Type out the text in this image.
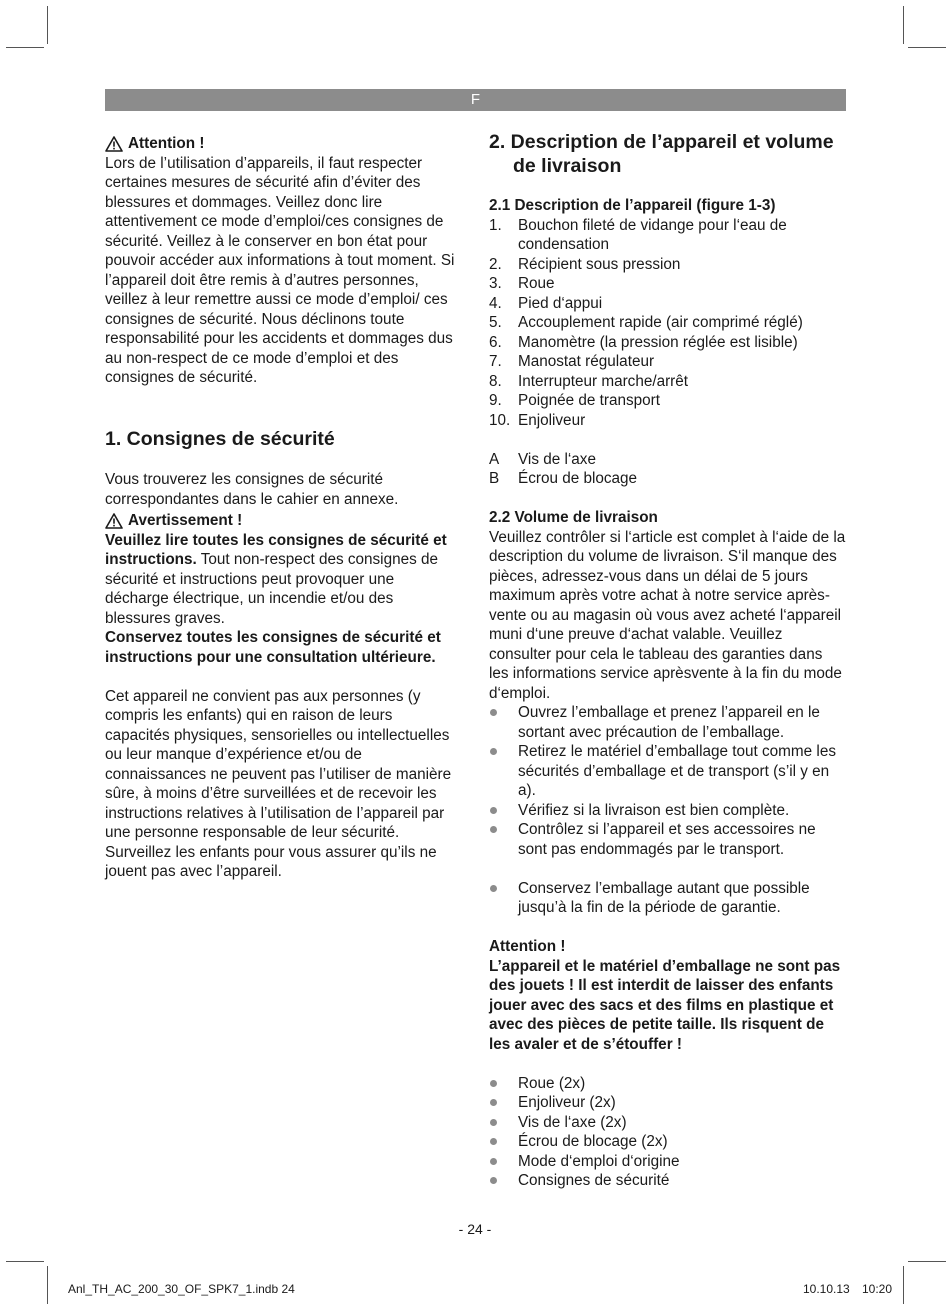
F
Attention !

Lors de l’utilisation d’appareils, il faut respecter certaines mesures de sécurité afin d’éviter des blessures et dommages. Veillez donc lire attentivement ce mode d’emploi/ces consignes de sécurité. Veillez à le conserver en bon état pour pouvoir accéder aux informations à tout moment. Si l’appareil doit être remis à d’autres personnes, veillez à leur remettre aussi ce mode d’emploi/ ces consignes de sécurité. Nous déclinons toute responsabilité pour les accidents et dommages dus au non-respect de ce mode d’emploi et des consignes de sécurité.

1. Consignes de sécurité

Vous trouverez les consignes de sécurité correspondantes dans le cahier en annexe.

Avertissement !

Veuillez lire toutes les consignes de sécurité et instructions. Tout non-respect des consignes de sécurité et instructions peut provoquer une décharge électrique, un incendie et/ou des blessures graves.

Conservez toutes les consignes de sécurité et instructions pour une consultation ultérieure.

Cet appareil ne convient pas aux personnes (y compris les enfants) qui en raison de leurs capacités physiques, sensorielles ou intellectuelles ou leur manque d’expérience et/ou de connaissances ne peuvent pas l’utiliser de manière sûre, à moins d’être surveillées et de recevoir les instructions relatives à l’utilisation de l’appareil par une personne responsable de leur sécurité.

Surveillez les enfants pour vous assurer qu’ils ne jouent pas avec l’appareil.

2. Description de l’appareil et volume de livraison

2.1 Description de l’appareil (figure 1-3)

1.	Bouchon fileté de vidange pour l‘eau de condensation
2.	Récipient sous pression
3.	Roue
4.	Pied d‘appui
5.	Accouplement rapide (air comprimé réglé)
6.	Manomètre (la pression réglée est lisible)
7.	Manostat régulateur
8.	Interrupteur marche/arrêt
9.	Poignée de transport
10. Enjoliveur
A	Vis de l‘axe
B	Écrou de blocage

2.2 Volume de livraison

Veuillez contrôler si l‘article est complet à l‘aide de la description du volume de livraison. S‘il manque des pièces, adressez-vous dans un délai de 5 jours maximum après votre achat à notre service après-vente ou au magasin où vous avez acheté l‘appareil muni d‘une preuve d‘achat valable. Veuillez consulter pour cela le tableau des garanties dans les informations service aprèsvente à la fin du mode d‘emploi.

Ouvrez l’emballage et prenez l’appareil en le sortant avec précaution de l’emballage.
Retirez le matériel d’emballage tout comme les sécurités d’emballage et de transport (s’il y en a).
Vérifiez si la livraison est bien complète.
Contrôlez si l’appareil et ses accessoires ne sont pas endommagés par le transport.
Conservez l’emballage autant que possible jusqu’à la fin de la période de garantie.

Attention !

L’appareil et le matériel d’emballage ne sont pas des jouets ! Il est interdit de laisser des enfants jouer avec des sacs et des films en plastique et avec des pièces de petite taille. Ils risquent de les avaler et de s’étouffer !

Roue (2x)
Enjoliveur (2x)
Vis de l‘axe (2x)
Écrou de blocage (2x)
Mode d‘emploi d‘origine
Consignes de sécurité
- 24 -
Anl_TH_AC_200_30_OF_SPK7_1.indb 24	10.10.13 10:20
